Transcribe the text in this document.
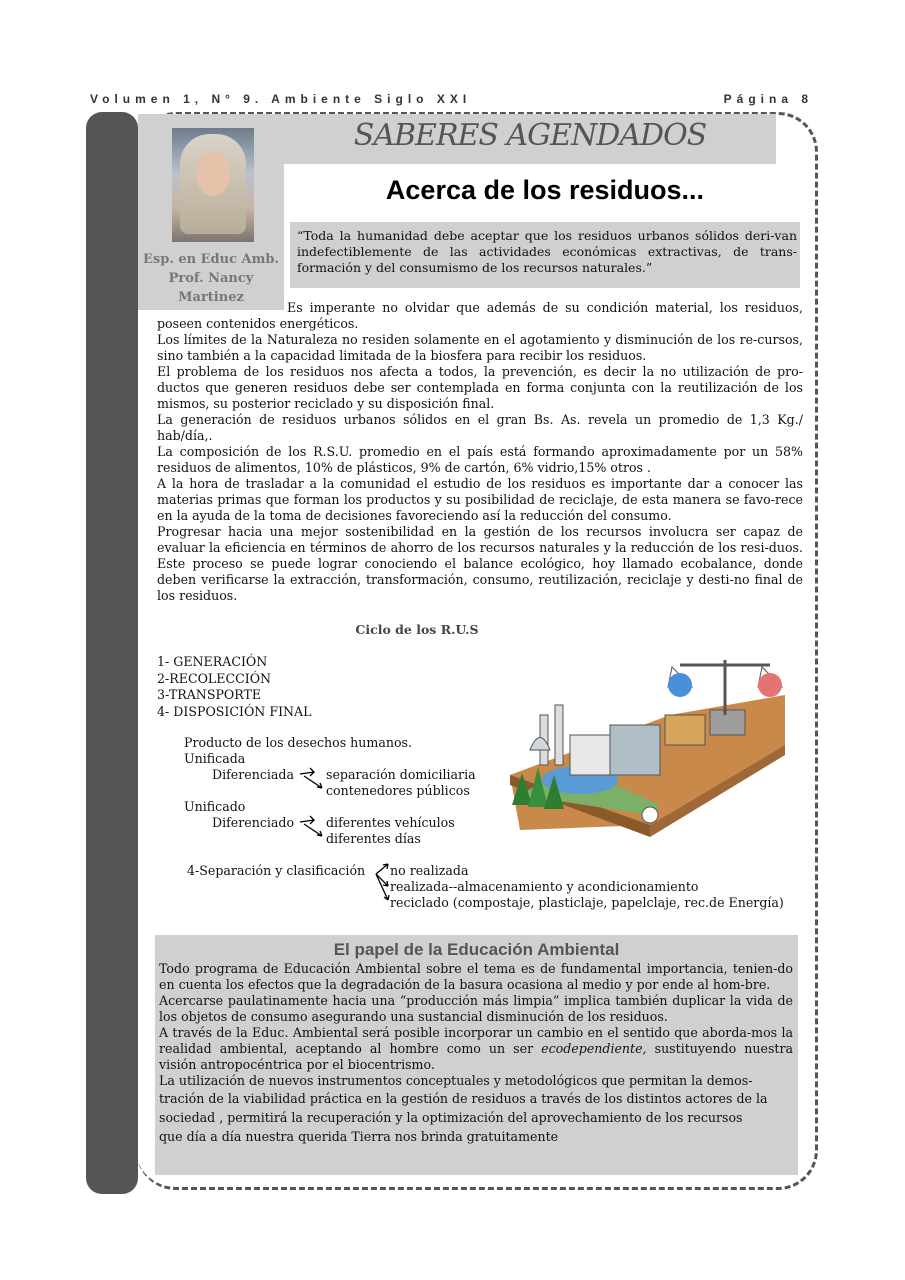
Volumen 1, N° 9. Ambiente Siglo XXI	Página 8
SABERES AGENDADOS
Esp. en Educ Amb.
Prof. Nancy
Martinez
Acerca de los residuos...
“Toda la humanidad debe aceptar que los residuos urbanos sólidos deri-van indefectiblemente de las actividades económicas extractivas, de trans-formación y del consumismo de los recursos naturales.”

Es imperante no olvidar que además de su condición material, los residuos, poseen contenidos energéticos.

Los límites de la Naturaleza no residen solamente en el agotamiento y disminución de los re-cursos, sino también a la capacidad limitada de la biosfera para recibir los residuos.

El problema de los residuos nos afecta a todos, la prevención, es decir la no utilización de pro-ductos que generen residuos debe ser contemplada en forma conjunta con la reutilización de los mismos, su posterior reciclado y su disposición final.

La generación de residuos urbanos sólidos en el gran Bs. As. revela un promedio de 1,3 Kg./ hab/día,.

La composición de los R.S.U. promedio en el país está formando aproximadamente por un 58% residuos de alimentos, 10% de plásticos, 9% de cartón, 6% vidrio,15% otros .

A la hora de trasladar a la comunidad el estudio de los residuos es importante dar a conocer las materias primas que forman los productos y su posibilidad de reciclaje, de esta manera se favo-rece en la ayuda de la toma de decisiones favoreciendo así la reducción del consumo.

Progresar hacia una mejor sostenibilidad en la gestión de los recursos involucra ser capaz de evaluar la eficiencia en términos de ahorro de los recursos naturales y la reducción de los resi-duos. Este proceso se puede lograr conociendo el balance ecológico, hoy llamado ecobalance, donde deben verificarse la extracción, transformación, consumo, reutilización, reciclaje y desti-no final de los residuos.

Ciclo de los R.U.S
1- GENERACIÓN
2-RECOLECCIÓN
3-TRANSPORTE
4- DISPOSICIÓN FINAL
Producto de los desechos humanos.
Unificada
Diferenciada	separación domiciliaria
contenedores públicos
Unificado
Diferenciado	diferentes vehículos
diferentes días
4-Separación y clasificación no realizada
realizada--almacenamiento y acondicionamiento
reciclado (compostaje, plasticlaje, papelclaje, rec.de Energía)
El papel de la Educación Ambiental

Todo programa de Educación Ambiental sobre el tema es de fundamental importancia, tenien-do en cuenta los efectos que la degradación de la basura ocasiona al medio y por ende al hom-bre.

Acercarse paulatinamente hacia una “producción más limpia” implica también duplicar la vida de los objetos de consumo asegurando una sustancial disminución de los residuos.

A través de la Educ. Ambiental será posible incorporar un cambio en el sentido que aborda-mos la realidad ambiental, aceptando al hombre como un ser ecodependiente, sustituyendo nuestra visión antropocéntrica por el biocentrismo.

La utilización de nuevos instrumentos conceptuales y metodológicos que permitan la demos-

tración de la viabilidad práctica en la gestión de residuos a través de los distintos actores de la

sociedad , permitirá la recuperación y la optimización del aprovechamiento de los recursos

que día a día nuestra querida Tierra nos brinda gratuitamente
